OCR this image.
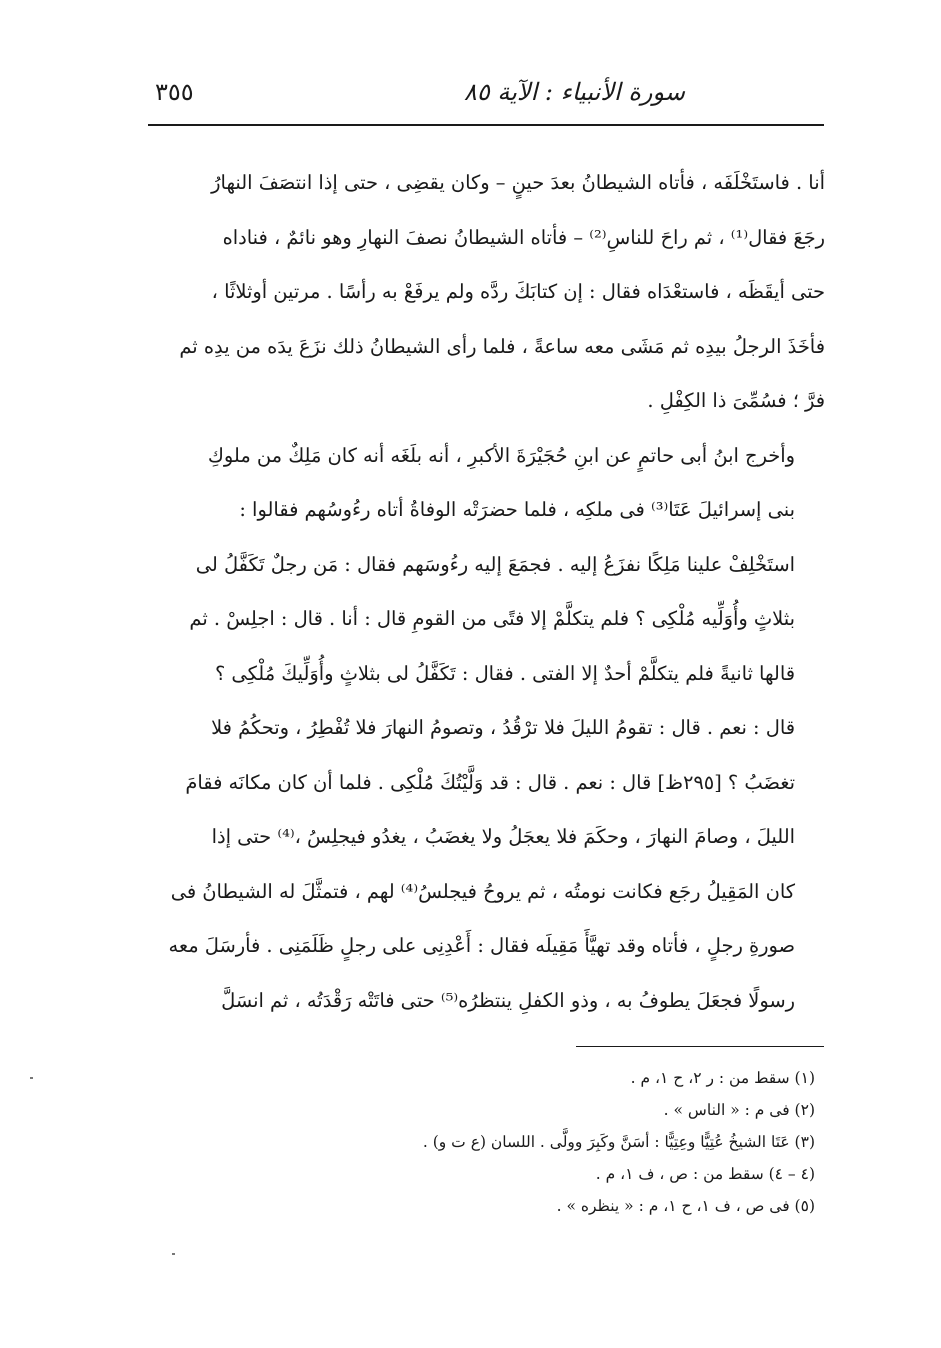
سورة الأنبياء : الآية ٨٥
٣٥٥

أنا . فاستَخْلَفَه ، فأتاه الشيطانُ بعدَ حينٍ – وكان يقضِى ، حتى إذا انتصَفَ النهارُ
رجَعَ فقال⁽¹⁾ ، ثم راحَ للناسِ⁽²⁾ – فأتاه الشيطانُ نصفَ النهارِ وهو نائمٌ ، فناداه
حتى أيقَظَه ، فاستعْدَاه فقال : إن كتابَكَ ردَّه ولم يرفَعْ به رأسًا . مرتين أوثلاثًا ،
فأخَذَ الرجلُ بيدِه ثم مَشَى معه ساعةً ، فلما رأى الشيطانُ ذلك نزَعَ يدَه من يدِه ثم
فرَّ ؛ فسُمِّىَ ذا الكِفْلِ .

وأخرج ابنُ أبى حاتمٍ عن ابنِ حُجَيْرَةَ الأكبرِ ، أنه بلَغَه أنه كان مَلِكٌ من ملوكِ
بنى إسرائيلَ عَتَا⁽³⁾ فى ملكِه ، فلما حضرَتْه الوفاةُ أتاه رءُوسُهم فقالوا :
استَخْلِفْ علينا مَلِكًا نفزَعُ إليه . فجمَعَ إليه رءُوسَهم فقال : مَن رجلٌ تَكَفَّلُ لى
بثلاثٍ وأُوَلِّيه مُلْكِى ؟ فلم يتكلَّمْ إلا فتًى من القومِ قال : أنا . قال : اجلِسْ . ثم
قالها ثانيةً فلم يتكلَّمْ أحدٌ إلا الفتى . فقال : تَكَفَّلُ لى بثلاثٍ وأُوَلِّيكَ مُلْكِى ؟
قال : نعم . قال : تقومُ الليلَ فلا ترْقُدُ ، وتصومُ النهارَ فلا تُفْطِرُ ، وتحكُمُ فلا
تغضَبُ ؟ [٢٩٥ظ] قال : نعم . قال : قد وَلَّيْتُكَ مُلْكِى . فلما أن كان مكانَه فقامَ
الليلَ ، وصامَ النهارَ ، وحكَمَ فلا يعجَلُ ولا يغضَبُ ، يغدُو فيجلِسُ ،⁽⁴⁾ حتى إذا
كان المَقِيلُ رجَع فكانت نومتُه ، ثم يروحُ فيجلسُ⁽⁴⁾ لهم ، فتمثَّلَ له الشيطانُ فى
صورةِ رجلٍ ، فأتاه وقد تهيَّأَ مَقِيلَه فقال : أَعْدِنِى على رجلٍ ظَلَمَنِى . فأرسَلَ معه
رسولًا فجعَلَ يطوفُ به ، وذو الكفلِ ينتظرُه⁽⁵⁾ حتى فاتَتْه رَقْدَتُه ، ثم انسَلَّ

(١) سقط من : ر ٢، ح ١، م .
(٢) فى م : « الناس » .
(٣) عَتَا الشيخُ عُتِيًّا وعِتِيًّا : أسَنَّ وكَبِرَ وولَّى . اللسان (ع ت و) .
(٤ – ٤) سقط من : ص ، ف ١، م .
(٥) فى ص ، ف ١، ح ١، م : « ينظره » .
